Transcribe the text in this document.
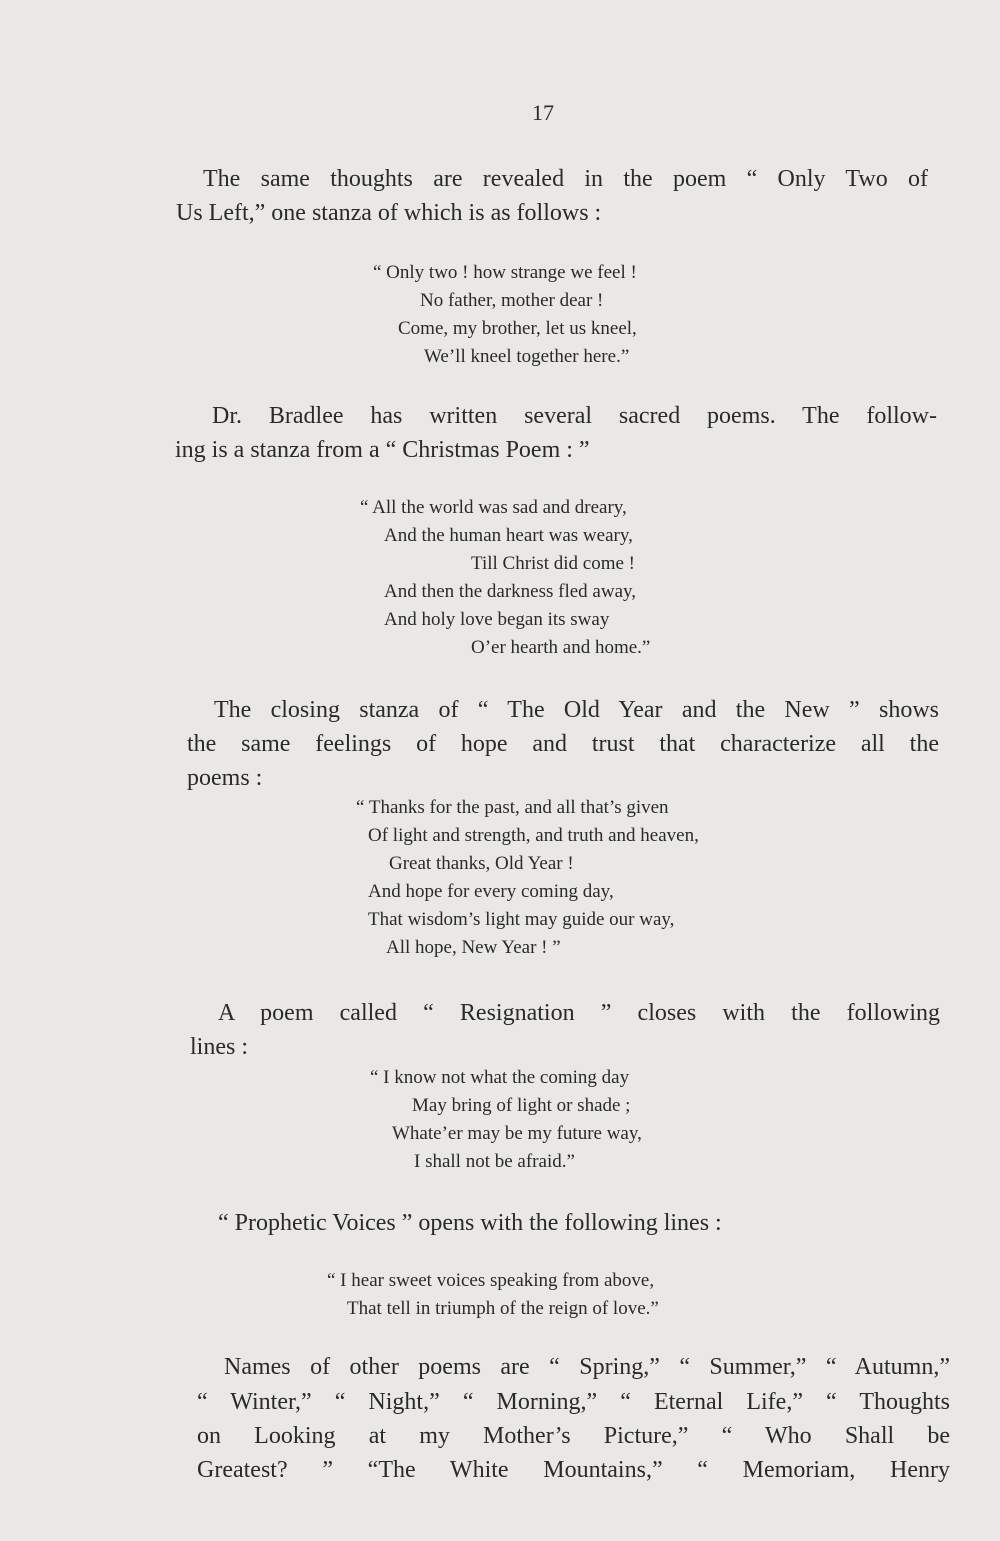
17
The same thoughts are revealed in the poem “ Only Two of
Us Left,” one stanza of which is as follows :
“ Only two ! how strange we feel !
No father, mother dear !
Come, my brother, let us kneel,
We’ll kneel together here.”
Dr. Bradlee has written several sacred poems. The follow-
ing is a stanza from a “ Christmas Poem : ”
“ All the world was sad and dreary,
And the human heart was weary,
Till Christ did come !
And then the darkness fled away,
And holy love began its sway
O’er hearth and home.”
The closing stanza of “ The Old Year and the New ” shows
the same feelings of hope and trust that characterize all the
poems :
“ Thanks for the past, and all that’s given
Of light and strength, and truth and heaven,
Great thanks, Old Year !
And hope for every coming day,
That wisdom’s light may guide our way,
All hope, New Year ! ”
A poem called “ Resignation ” closes with the following
lines :
“ I know not what the coming day
May bring of light or shade ;
Whate’er may be my future way,
I shall not be afraid.”
“ Prophetic Voices ” opens with the following lines :
“ I hear sweet voices speaking from above,
That tell in triumph of the reign of love.”
Names of other poems are “ Spring,” “ Summer,” “ Autumn,”
“ Winter,” “ Night,” “ Morning,” “ Eternal Life,” “ Thoughts
on Looking at my Mother’s Picture,” “ Who Shall be
Greatest? ” “The White Mountains,” “ Memoriam, Henry
